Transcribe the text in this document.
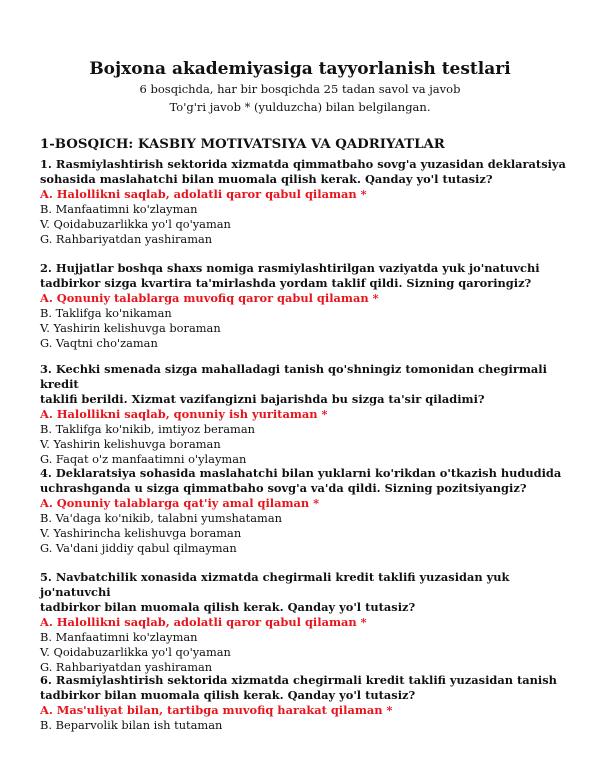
Bojxona akademiyasiga tayyorlanish testlari
6 bosqichda, har bir bosqichda 25 tadan savol va javob
To'g'ri javob * (yulduzcha) bilan belgilangan.
1-BOSQICH: KASBIY MOTIVATSIYA VA QADRIYATLAR
1. Rasmiylashtirish sektorida xizmatda qimmatbaho sovg'a yuzasidan deklaratsiya
sohasida maslahatchi bilan muomala qilish kerak. Qanday yo'l tutasiz?
A. Halollikni saqlab, adolatli qaror qabul qilaman *
B. Manfaatimni ko'zlayman
V. Qoidabuzarlikka yo'l qo'yaman
G. Rahbariyatdan yashiraman
2. Hujjatlar boshqa shaxs nomiga rasmiylashtirilgan vaziyatda yuk jo'natuvchi
tadbirkor sizga kvartira ta'mirlashda yordam taklif qildi. Sizning qaroringiz?
A. Qonuniy talablarga muvofiq qaror qabul qilaman *
B. Taklifga ko'nikaman
V. Yashirin kelishuvga boraman
G. Vaqtni cho'zaman
3. Kechki smenada sizga mahalladagi tanish qo'shningiz tomonidan chegirmali kredit
taklifi berildi. Xizmat vazifangizni bajarishda bu sizga ta'sir qiladimi?
A. Halollikni saqlab, qonuniy ish yuritaman *
B. Taklifga ko'nikib, imtiyoz beraman
V. Yashirin kelishuvga boraman
G. Faqat o'z manfaatimni o'ylayman
4. Deklaratsiya sohasida maslahatchi bilan yuklarni ko'rikdan o'tkazish hududida
uchrashganda u sizga qimmatbaho sovg'a va'da qildi. Sizning pozitsiyangiz?
A. Qonuniy talablarga qat'iy amal qilaman *
B. Va'daga ko'nikib, talabni yumshataman
V. Yashirincha kelishuvga boraman
G. Va'dani jiddiy qabul qilmayman
5. Navbatchilik xonasida xizmatda chegirmali kredit taklifi yuzasidan yuk jo'natuvchi
tadbirkor bilan muomala qilish kerak. Qanday yo'l tutasiz?
A. Halollikni saqlab, adolatli qaror qabul qilaman *
B. Manfaatimni ko'zlayman
V. Qoidabuzarlikka yo'l qo'yaman
G. Rahbariyatdan yashiraman
6. Rasmiylashtirish sektorida xizmatda chegirmali kredit taklifi yuzasidan tanish
tadbirkor bilan muomala qilish kerak. Qanday yo'l tutasiz?
A. Mas'uliyat bilan, tartibga muvofiq harakat qilaman *
B. Beparvolik bilan ish tutaman
